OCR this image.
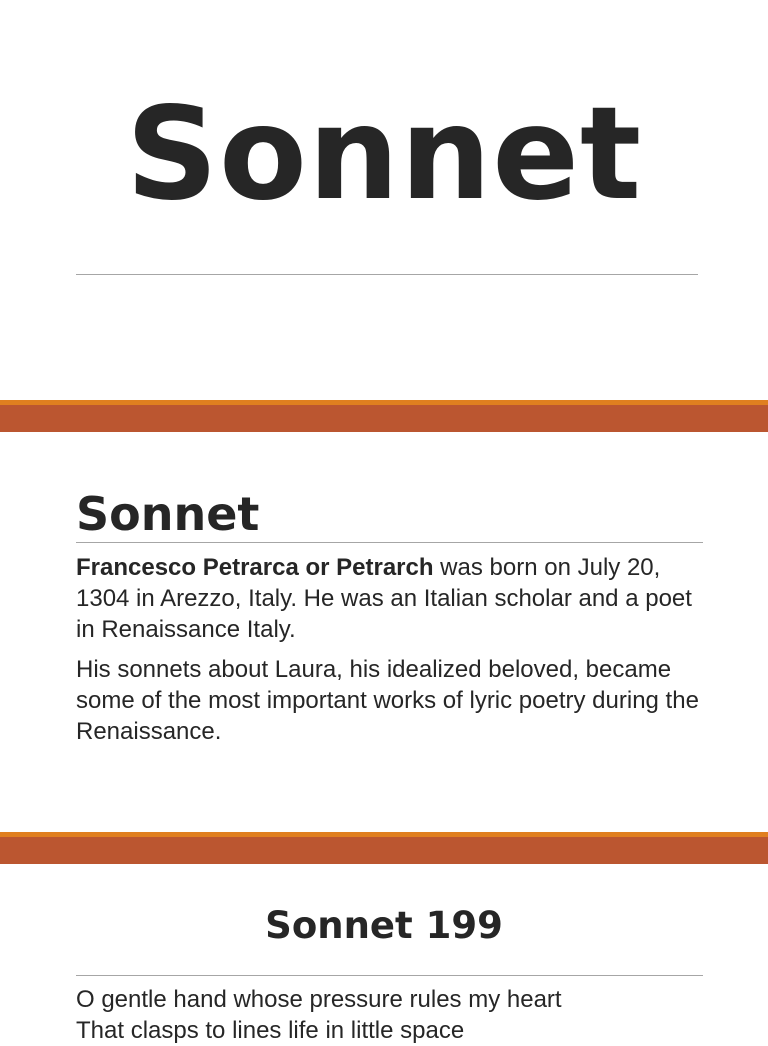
Sonnet
Sonnet

Francesco Petrarca or Petrarch was born on July 20, 1304 in Arezzo, Italy. He was an Italian scholar and a poet in Renaissance Italy.

His sonnets about Laura, his idealized beloved, became some of the most important works of lyric poetry during the Renaissance.

Sonnet 199
O gentle hand whose pressure rules my heart
That clasps to lines life in little space
